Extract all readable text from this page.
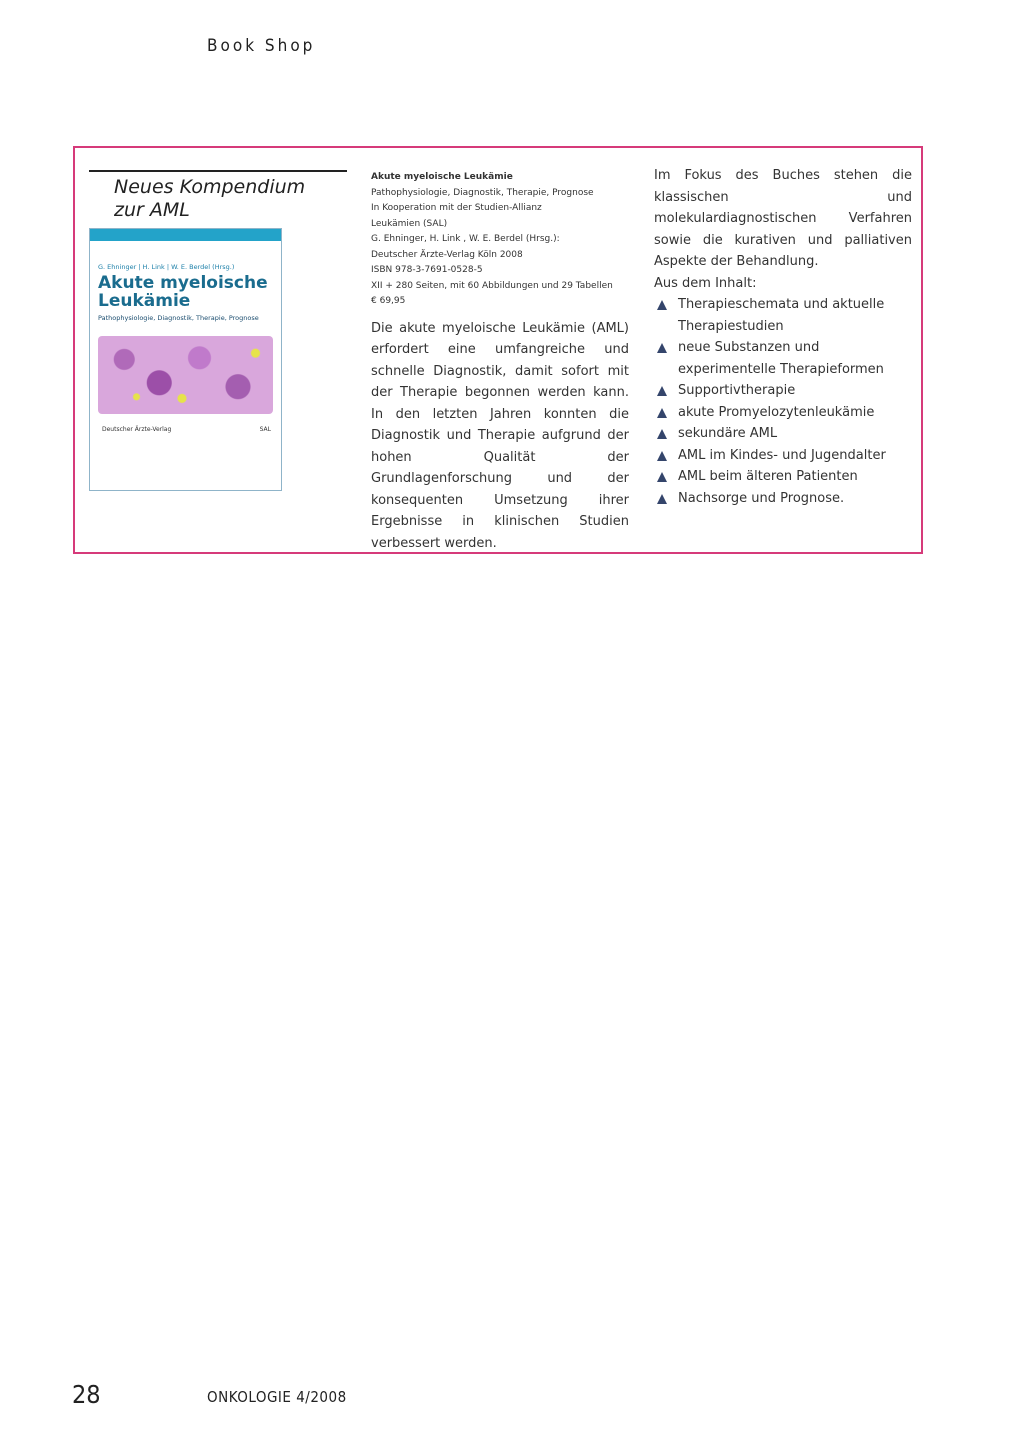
Book Shop
Neues Kompendium
zur AML
G. Ehninger | H. Link | W. E. Berdel (Hrsg.)
Akute myeloische
Leukämie
Pathophysiologie, Diagnostik, Therapie, Prognose
Deutscher Ärzte-Verlag	SAL
Akute myeloische Leukämie
Pathophysiologie, Diagnostik, Therapie, Prognose
In Kooperation mit der Studien-Allianz
Leukämien (SAL)
G. Ehninger, H. Link , W. E. Berdel (Hrsg.):
Deutscher Ärzte-Verlag Köln 2008
ISBN 978-3-7691-0528-5
XII + 280 Seiten, mit 60 Abbildungen und 29 Tabellen
€ 69,95
Die akute myeloische Leukämie (AML) erfordert eine umfangreiche und schnelle Diagnostik, damit sofort mit der Therapie begonnen werden kann. In den letzten Jahren konnten die Diagnostik und Therapie aufgrund der hohen Qualität der Grundlagenforschung und der konsequenten Umsetzung ihrer Ergebnisse in klinischen Studien verbessert werden.
Im Fokus des Buches stehen die klassischen und molekulardiagnostischen Verfahren sowie die kurativen und palliativen Aspekte der Behandlung.
Aus dem Inhalt:
Therapieschemata und aktuelle Therapiestudien
neue Substanzen und experimentelle Therapieformen
Supportivtherapie
akute Promyelozytenleukämie
sekundäre AML
AML im Kindes- und Jugendalter
AML beim älteren Patienten
Nachsorge und Prognose.
28	ONKOLOGIE 4/2008
